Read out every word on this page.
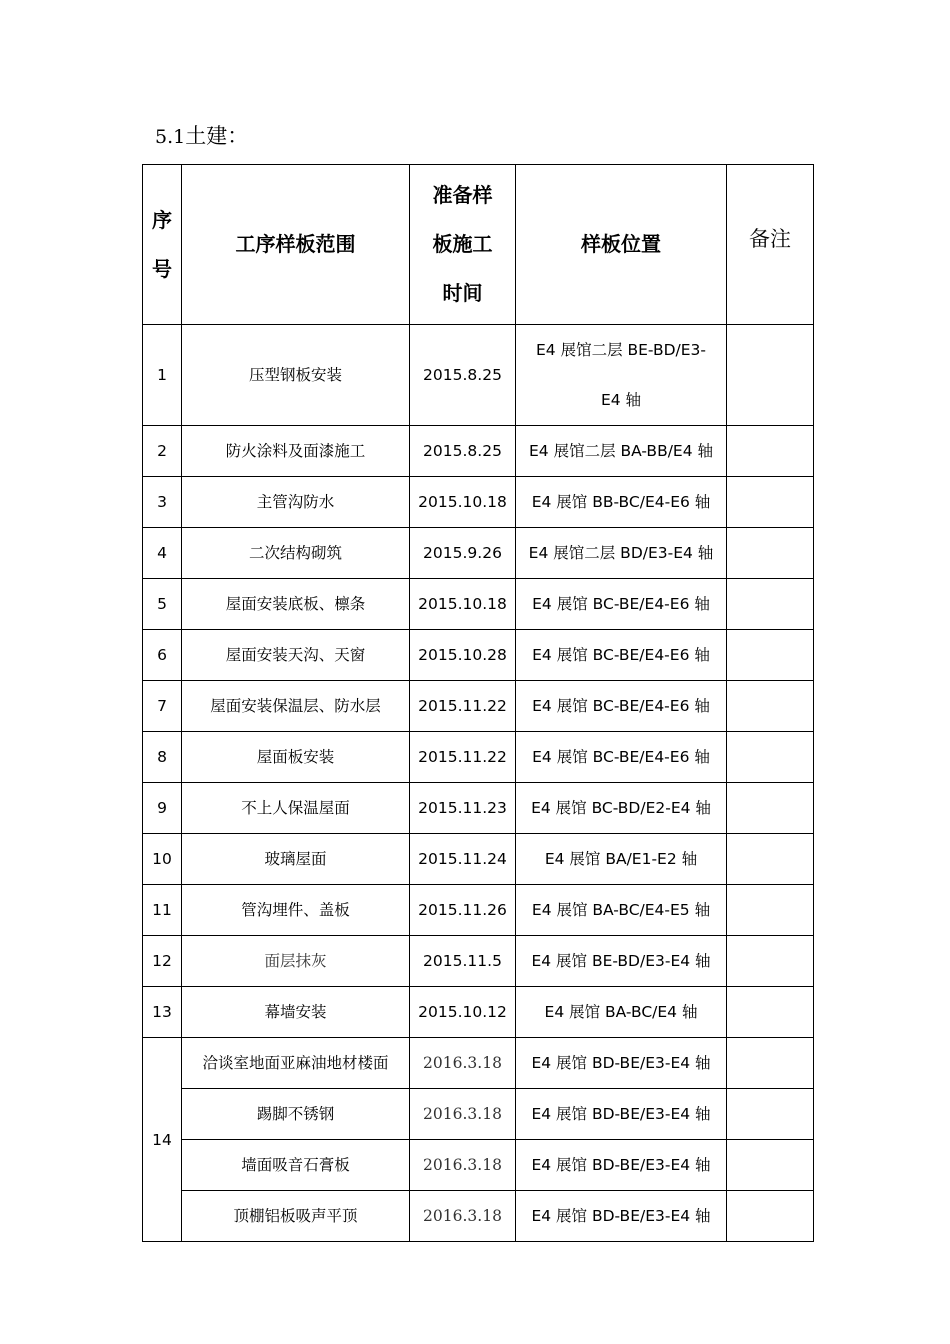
5.1土建：
序号	工序样板范围	准备样板施工时间	样板位置	备注
1	压型钢板安装	2015.8.25	E4 展馆二层 BE-BD/E3-E4 轴	
2	防火涂料及面漆施工	2015.8.25	E4 展馆二层 BA-BB/E4 轴	
3	主管沟防水	2015.10.18	E4 展馆 BB-BC/E4-E6 轴	
4	二次结构砌筑	2015.9.26	E4 展馆二层 BD/E3-E4 轴	
5	屋面安装底板、檩条	2015.10.18	E4 展馆 BC-BE/E4-E6 轴	
6	屋面安装天沟、天窗	2015.10.28	E4 展馆 BC-BE/E4-E6 轴	
7	屋面安装保温层、防水层	2015.11.22	E4 展馆 BC-BE/E4-E6 轴	
8	屋面板安装	2015.11.22	E4 展馆 BC-BE/E4-E6 轴	
9	不上人保温屋面	2015.11.23	E4 展馆 BC-BD/E2-E4 轴	
10	玻璃屋面	2015.11.24	E4 展馆 BA/E1-E2 轴	
11	管沟埋件、盖板	2015.11.26	E4 展馆 BA-BC/E4-E5 轴	
12	面层抹灰	2015.11.5	E4 展馆 BE-BD/E3-E4 轴	
13	幕墙安装	2015.10.12	E4 展馆 BA-BC/E4 轴	
14	洽谈室地面亚麻油地材楼面	2016.3.18	E4 展馆 BD-BE/E3-E4 轴	
	踢脚不锈钢	2016.3.18	E4 展馆 BD-BE/E3-E4 轴	
	墙面吸音石膏板	2016.3.18	E4 展馆 BD-BE/E3-E4 轴	
	顶棚铝板吸声平顶	2016.3.18	E4 展馆 BD-BE/E3-E4 轴	
